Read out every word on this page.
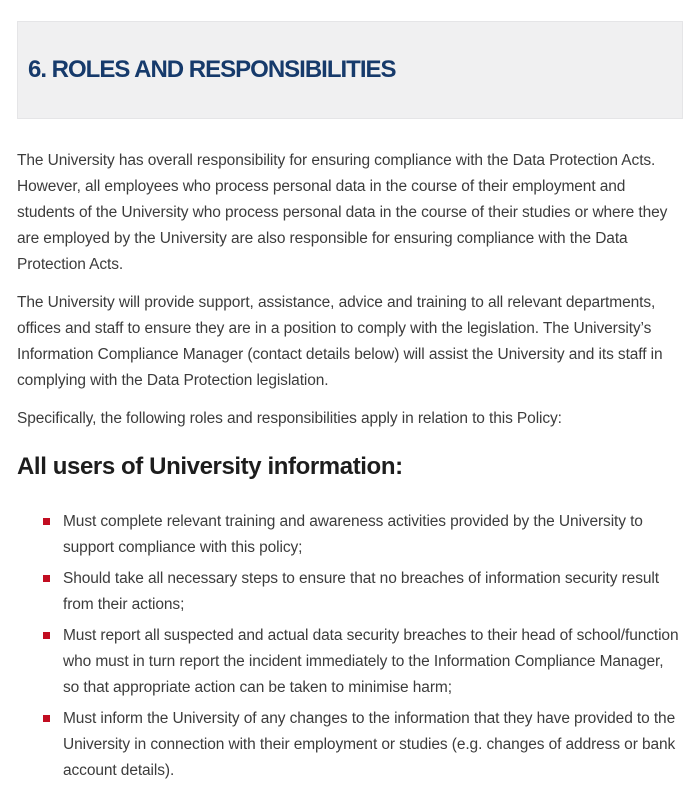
6. ROLES AND RESPONSIBILITIES

The University has overall responsibility for ensuring compliance with the Data Protection Acts. However, all employees who process personal data in the course of their employment and students of the University who process personal data in the course of their studies or where they are employed by the University are also responsible for ensuring compliance with the Data Protection Acts.

The University will provide support, assistance, advice and training to all relevant departments, offices and staff to ensure they are in a position to comply with the legislation. The University’s Information Compliance Manager (contact details below) will assist the University and its staff in complying with the Data Protection legislation.

Specifically, the following roles and responsibilities apply in relation to this Policy:

All users of University information:
Must complete relevant training and awareness activities provided by the University to support compliance with this policy;
Should take all necessary steps to ensure that no breaches of information security result from their actions;
Must report all suspected and actual data security breaches to their head of school/function who must in turn report the incident immediately to the Information Compliance Manager, so that appropriate action can be taken to minimise harm;
Must inform the University of any changes to the information that they have provided to the University in connection with their employment or studies (e.g. changes of address or bank account details).
